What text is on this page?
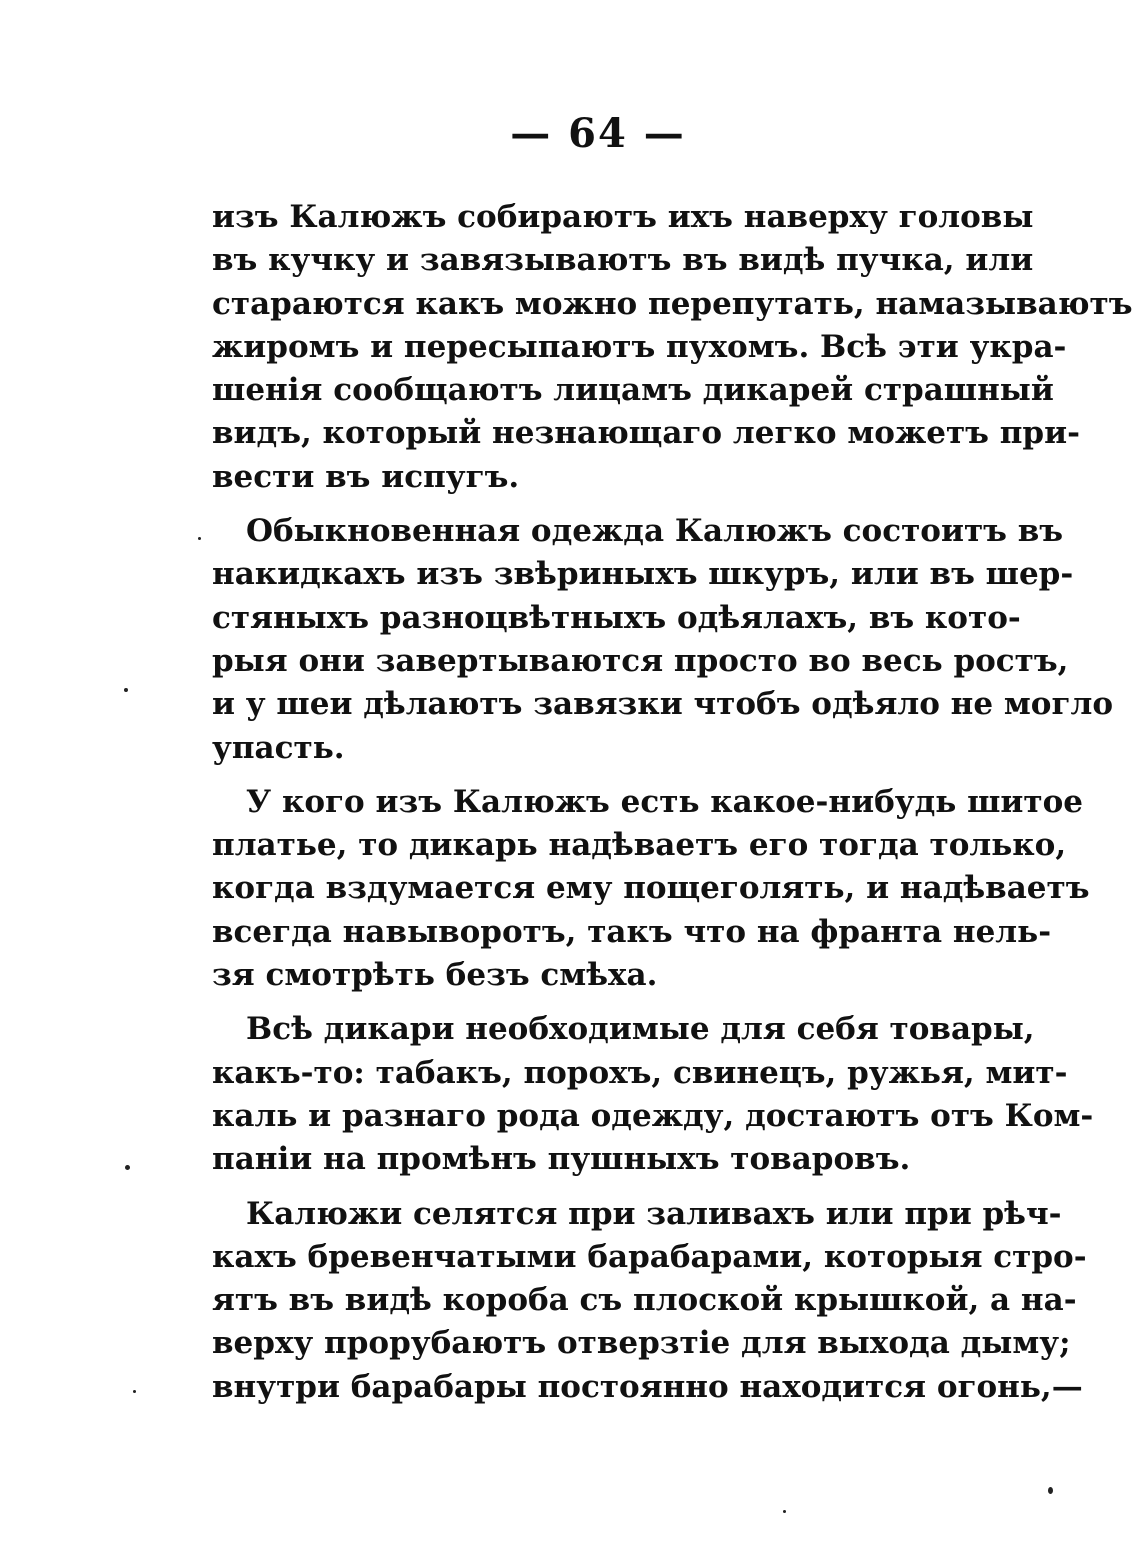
— 64 —
изъ Калюжъ собираютъ ихъ наверху головы
въ кучку и завязываютъ въ видѣ пучка, или
стараются какъ можно перепутать, намазываютъ
жиромъ и пересыпаютъ пухомъ. Всѣ эти укра-
шенія сообщаютъ лицамъ дикарей страшный
видъ, который незнающаго легко можетъ при-
вести въ испугъ.
Обыкновенная одежда Калюжъ состоитъ въ
накидкахъ изъ звѣриныхъ шкуръ, или въ шер-
стяныхъ разноцвѣтныхъ одѣялахъ, въ кото-
рыя они завертываются просто во весь ростъ,
и у шеи дѣлаютъ завязки чтобъ одѣяло не могло
упасть.
У кого изъ Калюжъ есть какое-нибудь шитое
платье, то дикарь надѣваетъ его тогда только,
когда вздумается ему пощеголять, и надѣваетъ
всегда навыворотъ, такъ что на франта нель-
зя смотрѣть безъ смѣха.
Всѣ дикари необходимые для себя товары,
какъ-то: табакъ, порохъ, свинецъ, ружья, мит-
каль и разнаго рода одежду, достаютъ отъ Ком-
паніи на промѣнъ пушныхъ товаровъ.
Калюжи селятся при заливахъ или при рѣч-
кахъ бревенчатыми барабарами, которыя стро-
ятъ въ видѣ короба съ плоской крышкой, а на-
верху прорубаютъ отверзтіе для выхода дыму;
внутри барабары постоянно находится огонь,—
